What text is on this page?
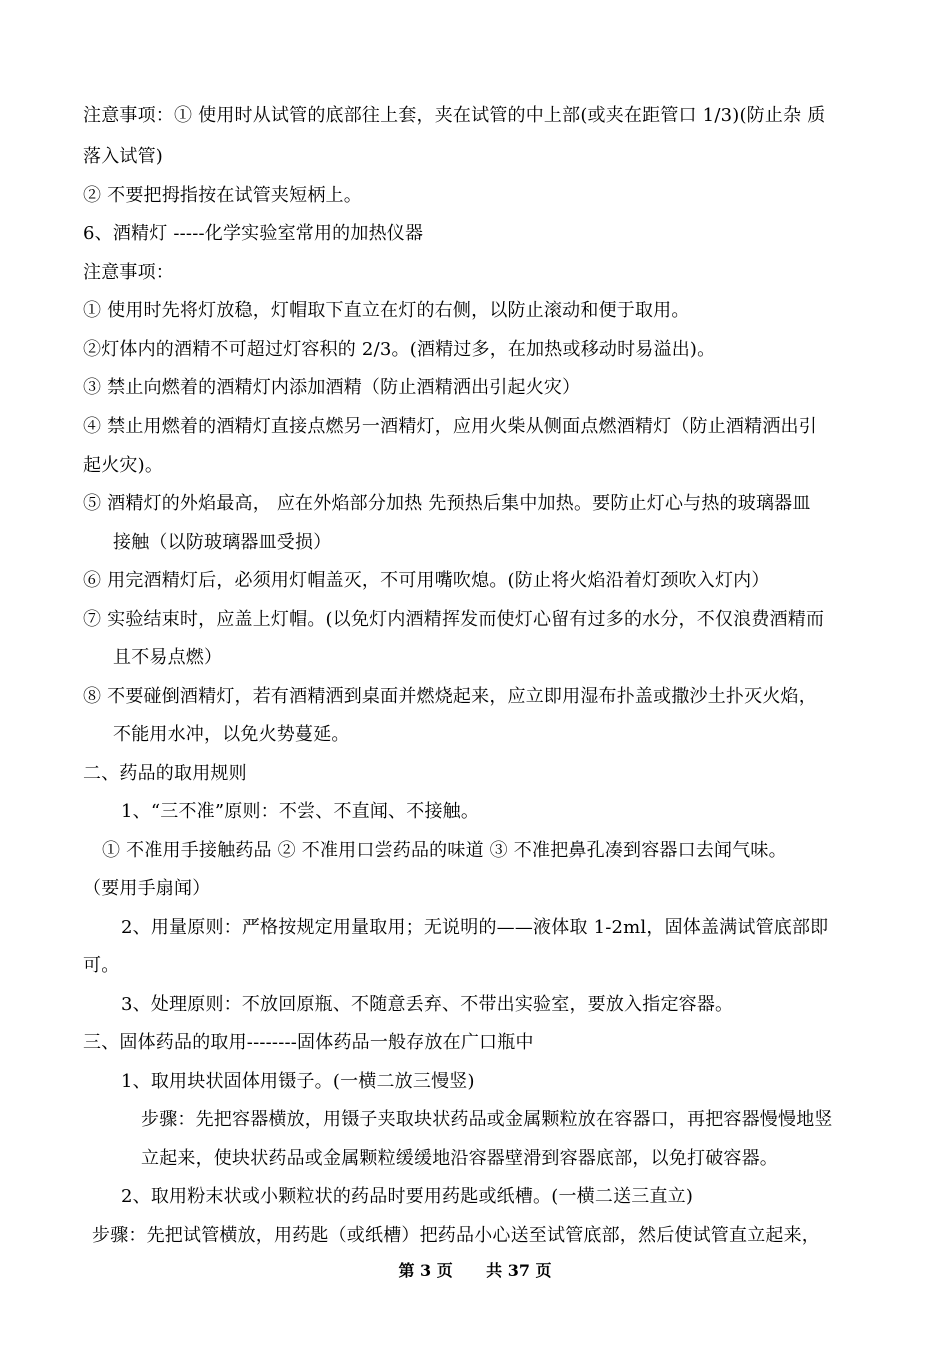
注意事项：① 使用时从试管的底部往上套，夹在试管的中上部(或夹在距管口 1/3)(防止杂 质
落入试管)
② 不要把拇指按在试管夹短柄上。
6、酒精灯 -----化学实验室常用的加热仪器
注意事项：
① 使用时先将灯放稳，灯帽取下直立在灯的右侧，以防止滚动和便于取用。
②灯体内的酒精不可超过灯容积的 2/3。(酒精过多，在加热或移动时易溢出)。
③ 禁止向燃着的酒精灯内添加酒精（防止酒精洒出引起火灾）
④ 禁止用燃着的酒精灯直接点燃另一酒精灯，应用火柴从侧面点燃酒精灯（防止酒精洒出引
起火灾)。
⑤ 酒精灯的外焰最高， 应在外焰部分加热 先预热后集中加热。要防止灯心与热的玻璃器皿
接触（以防玻璃器皿受损）
⑥ 用完酒精灯后，必须用灯帽盖灭，不可用嘴吹熄。(防止将火焰沿着灯颈吹入灯内）
⑦ 实验结束时，应盖上灯帽。(以免灯内酒精挥发而使灯心留有过多的水分，不仅浪费酒精而
且不易点燃）
⑧ 不要碰倒酒精灯，若有酒精洒到桌面并燃烧起来，应立即用湿布扑盖或撒沙土扑灭火焰，
不能用水冲，以免火势蔓延。
二、药品的取用规则
1、“三不准”原则：不尝、不直闻、不接触。
① 不准用手接触药品 ② 不准用口尝药品的味道 ③ 不准把鼻孔凑到容器口去闻气味。
（要用手扇闻）
2、用量原则：严格按规定用量取用；无说明的——液体取 1-2ml，固体盖满试管底部即
可。
3、处理原则：不放回原瓶、不随意丢弃、不带出实验室，要放入指定容器。
三、固体药品的取用--------固体药品一般存放在广口瓶中
1、取用块状固体用镊子。(一横二放三慢竖)
步骤：先把容器横放，用镊子夹取块状药品或金属颗粒放在容器口，再把容器慢慢地竖
立起来，使块状药品或金属颗粒缓缓地沿容器壁滑到容器底部，以免打破容器。
2、取用粉末状或小颗粒状的药品时要用药匙或纸槽。(一横二送三直立)
步骤：先把试管横放，用药匙（或纸槽）把药品小心送至试管底部，然后使试管直立起来，
第 3 页      共 37 页
